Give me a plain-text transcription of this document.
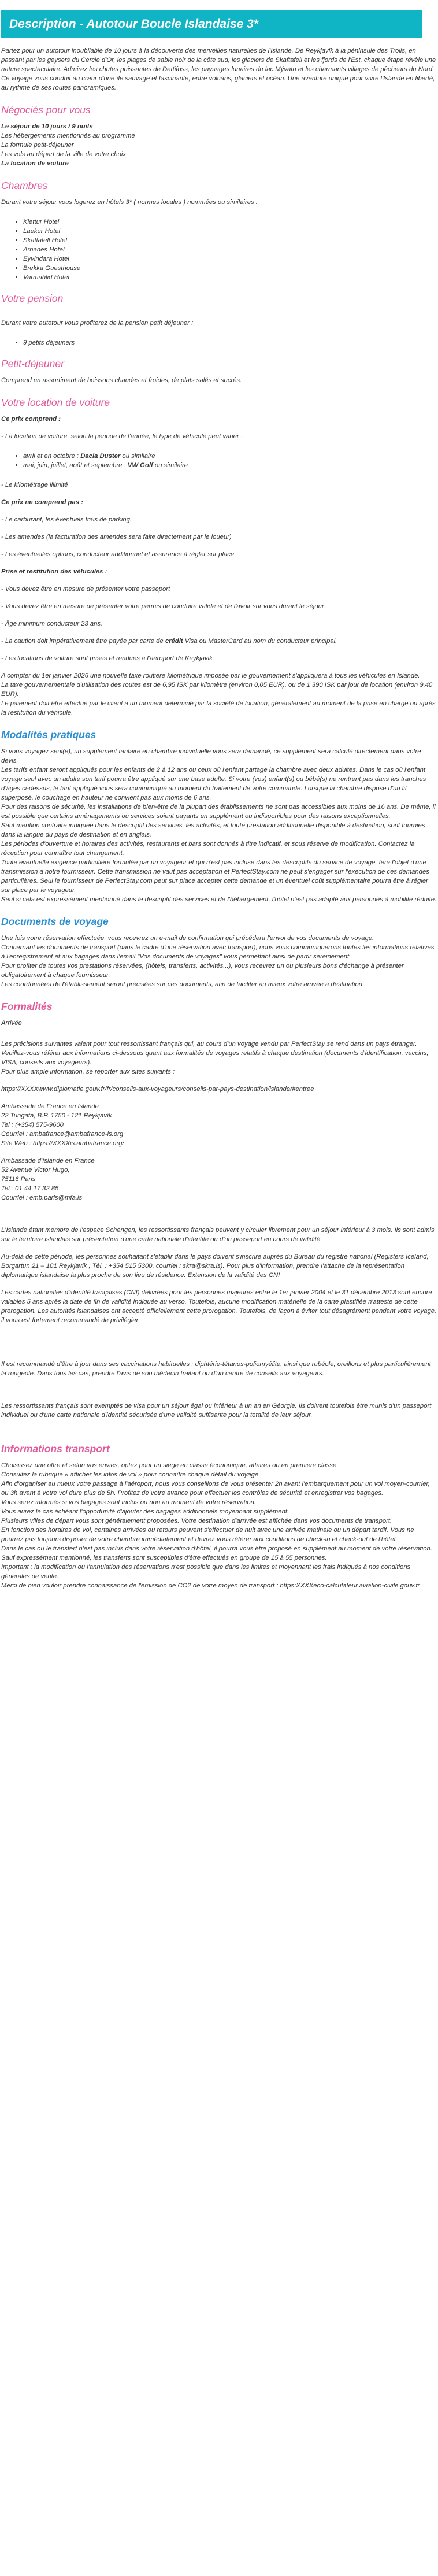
Description - Autotour Boucle Islandaise 3*

Partez pour un autotour inoubliable de 10 jours à la découverte des merveilles naturelles de l'Islande. De Reykjavik à la péninsule des Trolls, en passant par les geysers du Cercle d'Or, les plages de sable noir de la côte sud, les glaciers de Skaftafell et les fjords de l'Est, chaque étape révèle une nature spectaculaire. Admirez les chutes puissantes de Dettifoss, les paysages lunaires du lac Mývatn et les charmants villages de pêcheurs du Nord. Ce voyage vous conduit au cœur d'une île sauvage et fascinante, entre volcans, glaciers et océan. Une aventure unique pour vivre l'Islande en liberté, au rythme de ses routes panoramiques.

Négociés pour vous

Le séjour de 10 jours / 9 nuits

Les hébergements mentionnés au programme

La formule petit-déjeuner

Les vols au départ de la ville de votre choix

La location de voiture

Chambres

Durant votre séjour vous logerez en hôtels 3* ( normes locales ) nommées ou similaires :

• Klettur Hotel
• Laekur Hotel
• Skaftafell Hotel
• Arnanes Hotel
• Eyvindara Hotel
• Brekka Guesthouse
• Varmahlid Hotel
Votre pension

Durant votre autotour vous profiterez de la pension petit déjeuner :

• 9 petits déjeuners
Petit-déjeuner

Comprend un assortiment de boissons chaudes et froides, de plats salés et sucrés.

Votre location de voiture

Ce prix comprend :

- La location de voiture, selon la période de l'année, le type de véhicule peut varier :

• avril et en octobre : Dacia Duster ou similaire
• mai, juin, juillet, août et septembre : VW Golf ou similaire

- Le kilométrage illimité

Ce prix ne comprend pas :

- Le carburant, les éventuels frais de parking.

- Les amendes (la facturation des amendes sera faite directement par le loueur)

- Les éventuelles options, conducteur additionnel et assurance à régler sur place

Prise et restitution des véhicules :

- Vous devez être en mesure de présenter votre passeport

- Vous devez être en mesure de présenter votre permis de conduire valide et de l'avoir sur vous durant le séjour

- Âge minimum conducteur 23 ans.

- La caution doit impérativement être payée par carte de crédit Visa ou MasterCard au nom du conducteur principal.

- Les locations de voiture sont prises et rendues à l'aéroport de Keykjavik

A compter du 1er janvier 2026 une nouvelle taxe routière kilométrique imposée par le gouvernement s'appliquera à tous les véhicules en Islande.
La taxe gouvernementale d'utilisation des routes est de 6,95 ISK par kilomètre (environ 0,05 EUR), ou de 1 390 ISK par jour de location (environ 9,40 EUR).
Le paiement doit être effectué par le client à un moment déterminé par la société de location, généralement au moment de la prise en charge ou après la restitution du véhicule.

Modalités pratiques

Si vous voyagez seul(e), un supplément tarifaire en chambre individuelle vous sera demandé, ce supplément sera calculé directement dans votre devis.
Les tarifs enfant seront appliqués pour les enfants de 2 à 12 ans ou ceux où l'enfant partage la chambre avec deux adultes. Dans le cas où l'enfant voyage seul avec un adulte son tarif pourra être appliqué sur une base adulte. Si votre (vos) enfant(s) ou bébé(s) ne rentrent pas dans les tranches d'âges ci-dessus, le tarif appliqué vous sera communiqué au moment du traitement de votre commande. Lorsque la chambre dispose d'un lit superposé, le couchage en hauteur ne convient pas aux moins de 6 ans.
Pour des raisons de sécurité, les installations de bien-être de la plupart des établissements ne sont pas accessibles aux moins de 16 ans. De même, il est possible que certains aménagements ou services soient payants en supplément ou indisponibles pour des raisons exceptionnelles.
Sauf mention contraire indiquée dans le descriptif des services, les activités, et toute prestation additionnelle disponible à destination, sont fournies dans la langue du pays de destination et en anglais.
Les périodes d'ouverture et horaires des activités, restaurants et bars sont donnés à titre indicatif, et sous réserve de modification. Contactez la réception pour connaître tout changement.
Toute éventuelle exigence particulière formulée par un voyageur et qui n'est pas incluse dans les descriptifs du service de voyage, fera l'objet d'une transmission à notre fournisseur. Cette transmission ne vaut pas acceptation et PerfectStay.com ne peut s'engager sur l'exécution de ces demandes particulières. Seul le fournisseur de PerfectStay.com peut sur place accepter cette demande et un éventuel coût supplémentaire pourra être à régler sur place par le voyageur.
Seul si cela est expressément mentionné dans le descriptif des services et de l'hébergement, l'hôtel n'est pas adapté aux personnes à mobilité réduite.

Documents de voyage

Une fois votre réservation effectuée, vous recevrez un e-mail de confirmation qui précédera l'envoi de vos documents de voyage.
Concernant les documents de transport (dans le cadre d'une réservation avec transport), nous vous communiquerons toutes les informations relatives à l'enregistrement et aux bagages dans l'email "Vos documents de voyages" vous permettant ainsi de partir sereinement.
Pour profiter de toutes vos prestations réservées, (hôtels, transferts, activités...), vous recevrez un ou plusieurs bons d'échange à présenter obligatoirement à chaque fournisseur.
Les coordonnées de l'établissement seront précisées sur ces documents, afin de faciliter au mieux votre arrivée à destination.

Formalités

Arrivée

Les précisions suivantes valent pour tout ressortissant français qui, au cours d'un voyage vendu par PerfectStay se rend dans un pays étranger.
Veuillez-vous référer aux informations ci-dessous quant aux formalités de voyages relatifs à chaque destination (documents d'identification, vaccins, VISA, conseils aux voyageurs).
Pour plus ample information, se reporter aux sites suivants :

https://XXXXwww.diplomatie.gouv.fr/fr/conseils-aux-voyageurs/conseils-par-pays-destination/islande/#entree

Ambassade de France en Islande
22 Tungata, B.P. 1750 - 121 Reykjavík
Tel : (+354) 575-9600
Courriel : ambafrance@ambafrance-is.org
Site Web : https://XXXXis.ambafrance.org/

Ambassade d'Islande en France
52 Avenue Victor Hugo,
75116 Paris
Tel : 01 44 17 32 85
Courriel : emb.paris@mfa.is

L'Islande étant membre de l'espace Schengen, les ressortissants français peuvent y circuler librement pour un séjour inférieur à 3 mois. Ils sont admis sur le territoire islandais sur présentation d'une carte nationale d'identité ou d'un passeport en cours de validité.

Au-delà de cette période, les personnes souhaitant s'établir dans le pays doivent s'inscrire auprès du Bureau du registre national (Registers Iceland, Borgartun 21 – 101 Reykjavik ; Tél. : +354 515 5300, courriel : skra@skra.is). Pour plus d'information, prendre l'attache de la représentation diplomatique islandaise la plus proche de son lieu de résidence. Extension de la validité des CNI

Les cartes nationales d'identité françaises (CNI) délivrées pour les personnes majeures entre le 1er janvier 2004 et le 31 décembre 2013 sont encore valables 5 ans après la date de fin de validité indiquée au verso. Toutefois, aucune modification matérielle de la carte plastifiée n'atteste de cette prorogation. Les autorités islandaises ont accepté officiellement cette prorogation. Toutefois, de façon à éviter tout désagrément pendant votre voyage, il vous est fortement recommandé de privilégier

Il est recommandé d'être à jour dans ses vaccinations habituelles : diphtérie-tétanos-poliomyélite, ainsi que rubéole, oreillons et plus particulièrement la rougeole. Dans tous les cas, prendre l'avis de son médecin traitant ou d'un centre de conseils aux voyageurs.

Les ressortissants français sont exemptés de visa pour un séjour égal ou inférieur à un an en Géorgie. Ils doivent toutefois être munis d'un passeport individuel ou d'une carte nationale d'identité sécurisée d'une validité suffisante pour la totalité de leur séjour.

Informations transport

Choisissez une offre et selon vos envies, optez pour un siège en classe économique, affaires ou en première classe.
Consultez la rubrique « afficher les infos de vol » pour connaître chaque détail du voyage.
Afin d'organiser au mieux votre passage à l'aéroport, nous vous conseillons de vous présenter 2h avant l'embarquement pour un vol moyen-courrier, ou 3h avant à votre vol dure plus de 5h. Profitez de votre avance pour effectuer les contrôles de sécurité et enregistrer vos bagages.
Vous serez informés si vos bagages sont inclus ou non au moment de votre réservation.
Vous aurez le cas échéant l'opportunité d'ajouter des bagages additionnels moyennant supplément.
Plusieurs villes de départ vous sont généralement proposées. Votre destination d'arrivée est affichée dans vos documents de transport.
En fonction des horaires de vol, certaines arrivées ou retours peuvent s'effectuer de nuit avec une arrivée matinale ou un départ tardif. Vous ne pourrez pas toujours disposer de votre chambre immédiatement et devrez vous référer aux conditions de check-in et check-out de l'hôtel.
Dans le cas où le transfert n'est pas inclus dans votre réservation d'hôtel, il pourra vous être proposé en supplément au moment de votre réservation. Sauf expressément mentionné, les transferts sont susceptibles d'être effectués en groupe de 15 à 55 personnes.
Important : la modification ou l'annulation des réservations n'est possible que dans les limites et moyennant les frais indiqués à nos conditions générales de vente.
Merci de bien vouloir prendre connaissance de l'émission de CO2 de votre moyen de transport : https:XXXXeco-calculateur.aviation-civile.gouv.fr
